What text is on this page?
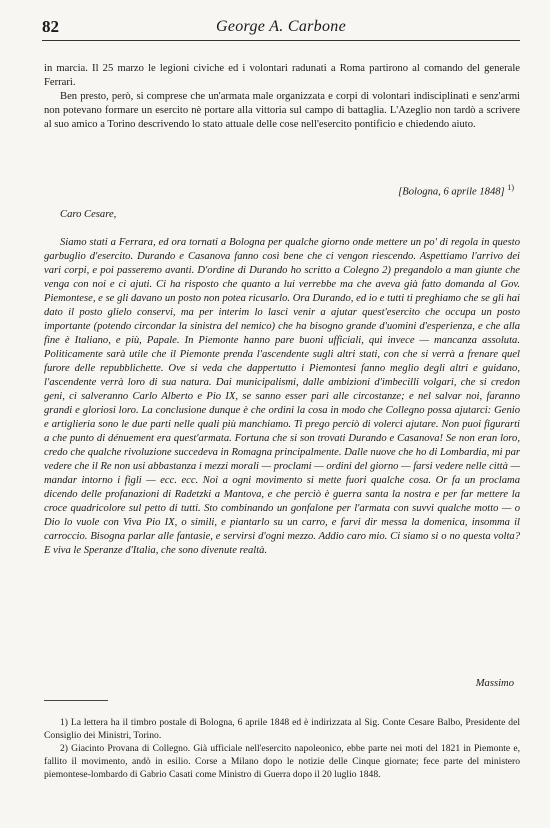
82	George A. Carbone

in marcia. Il 25 marzo le legioni civiche ed i volontari radunati a Roma partirono al comando del generale Ferrari.

Ben presto, però, si comprese che un'armata male organizzata e corpi di volontari indisciplinati e senz'armi non potevano formare un esercito nè portare alla vittoria sul campo di battaglia. L'Azeglio non tardò a scrivere al suo amico a Torino descrivendo lo stato attuale delle cose nell'esercito pontificio e chiedendo aiuto.

[Bologna, 6 aprile 1848] $^{1)}$
Caro Cesare,

Siamo stati a Ferrara, ed ora tornati a Bologna per qualche giorno onde mettere un po' di regola in questo garbuglio d'esercito. Durando e Casanova fanno così bene che ci vengon riescendo. Aspettiamo l'arrivo dei vari corpi, e poi passeremo avanti. D'ordine di Durando ho scritto a Colegno 2) pregandolo a man giunte che venga con noi e ci ajuti. Ci ha risposto che quanto a lui verrebbe ma che aveva già fatto domanda al Gov. Piemontese, e se gli davano un posto non potea ricusarlo. Ora Durando, ed io e tutti ti preghiamo che se gli hai dato il posto glielo conservi, ma per interim lo lasci venir a ajutar quest'esercito che occupa un posto importante (potendo circondar la sinistra del nemico) che ha bisogno grande d'uomini d'esperienza, e che alla fine è Italiano, e più, Papale. In Piemonte hanno pare buoni ufficiali, qui invece — mancanza assoluta. Politicamente sarà utile che il Piemonte prenda l'ascendente sugli altri stati, con che si verrà a frenare quel furore delle repubblichette. Ove si veda che dappertutto i Piemontesi fanno meglio degli altri e guidano, l'ascendente verrà loro di sua natura. Dai municipalismi, dalle ambizioni d'imbecilli volgari, che si credon geni, ci salveranno Carlo Alberto e Pio IX, se sanno esser pari alle circostanze; e nel salvar noi, faranno grandi e gloriosi loro. La conclusione dunque è che ordini la cosa in modo che Collegno possa ajutarci: Genio e artiglieria sono le due parti nelle quali più manchiamo. Ti prego perciò di volerci ajutare. Non puoi figurarti a che punto di dénuement era quest'armata. Fortuna che si son trovati Durando e Casanova! Se non eran loro, credo che qualche rivoluzione succedeva in Romagna principalmente. Dalle nuove che ho di Lombardia, mi par vedere che il Re non usi abbastanza i mezzi morali — proclami — ordini del giorno — farsi vedere nelle città — mandar intorno i figli — ecc. ecc. Noi a ogni movimento si mette fuori qualche cosa. Or fa un proclama dicendo delle profanazioni di Radetzki a Mantova, e che perciò è guerra santa la nostra e per far mettere la croce quadricolore sul petto di tutti. Sto combinando un gonfalone per l'armata con suvvi qualche motto — o Dio lo vuole con Viva Pio IX, o simili, e piantarlo su un carro, e farvi dir messa la domenica, insomma il carroccio. Bisogna parlar alle fantasie, e servirsi d'ogni mezzo. Addio caro mio. Ci siamo si o no questa volta? E viva le Speranze d'Italia, che sono divenute realtà.

Massimo

1) La lettera ha il timbro postale di Bologna, 6 aprile 1848 ed è indirizzata al Sig. Conte Cesare Balbo, Presidente del Consiglio dei Ministri, Torino.

2) Giacinto Provana di Collegno. Già ufficiale nell'esercito napoleonico, ebbe parte nei moti del 1821 in Piemonte e, fallito il movimento, andò in esilio. Corse a Milano dopo le notizie delle Cinque giornate; fece parte del ministero piemontese-lombardo di Gabrio Casati come Ministro di Guerra dopo il 20 luglio 1848.
